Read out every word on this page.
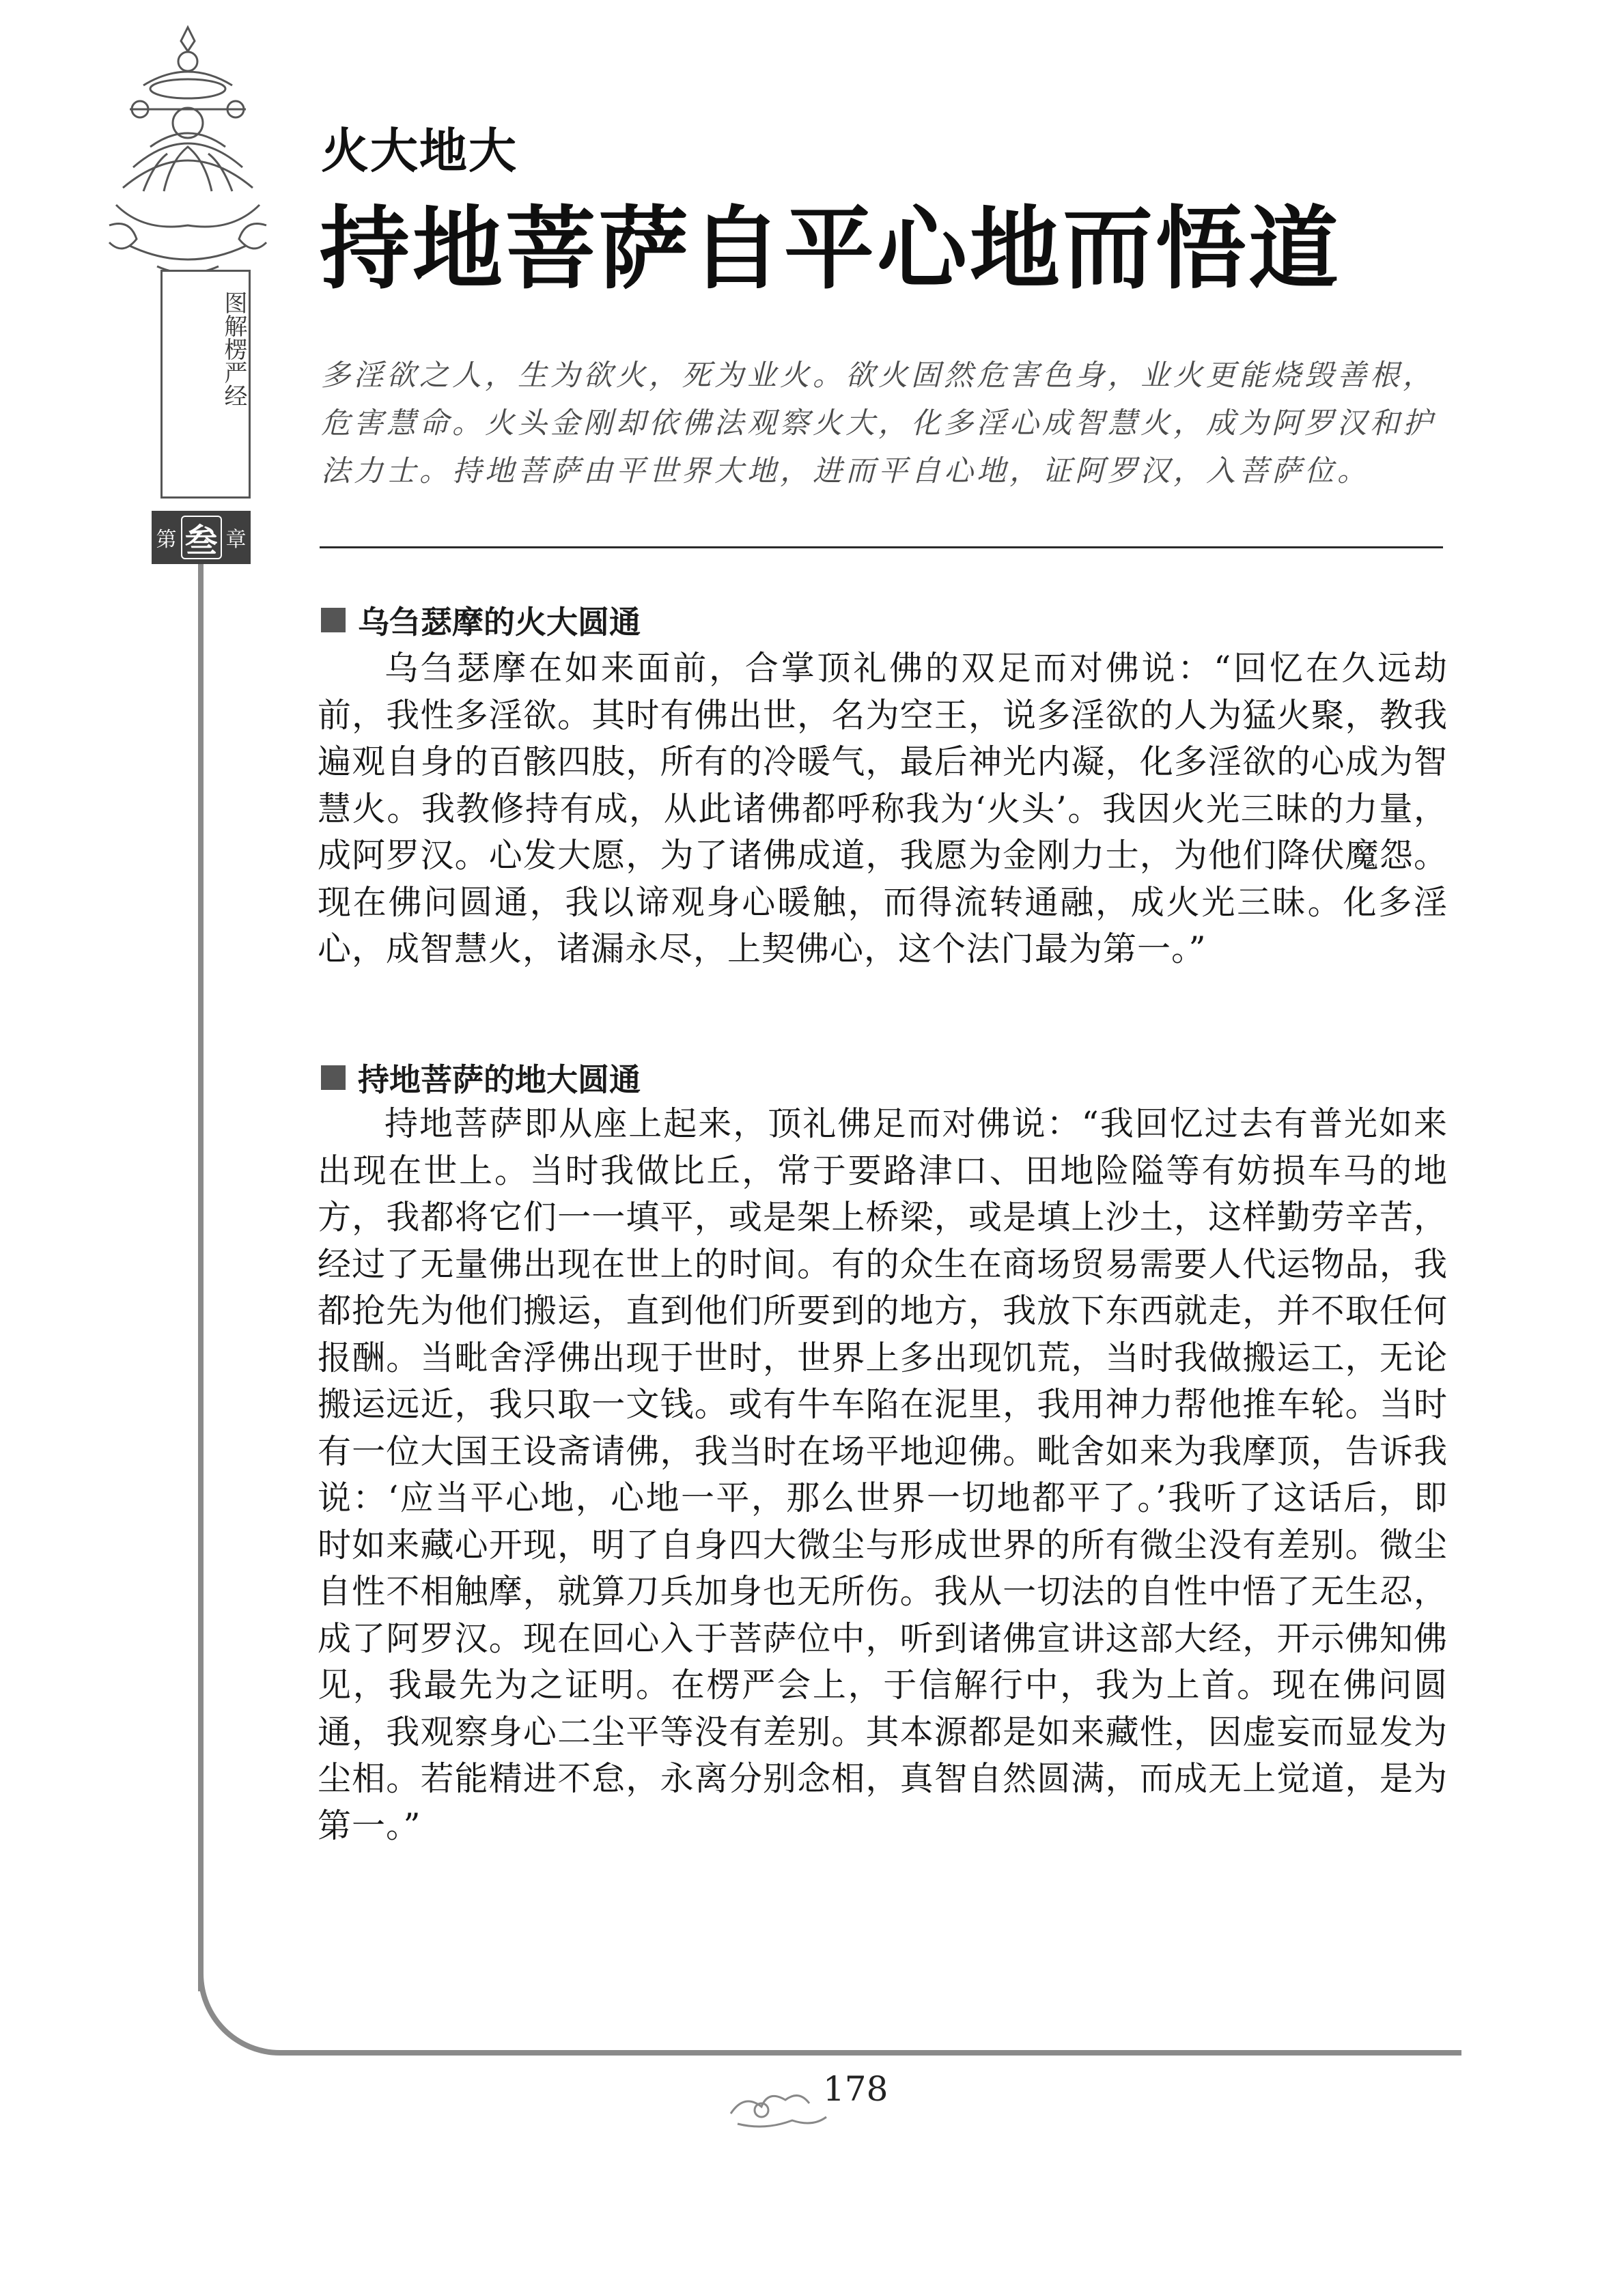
图解楞严经
第 叁 章
火大地大
持地菩萨自平心地而悟道
多淫欲之人，生为欲火，死为业火。欲火固然危害色身，业火更能烧毁善根，危害慧命。火头金刚却依佛法观察火大，化多淫心成智慧火，成为阿罗汉和护法力士。持地菩萨由平世界大地，进而平自心地，证阿罗汉，入菩萨位。
乌刍瑟摩的火大圆通

乌刍瑟摩在如来面前，合掌顶礼佛的双足而对佛说：“回忆在久远劫前，我性多淫欲。其时有佛出世，名为空王，说多淫欲的人为猛火聚，教我遍观自身的百骸四肢，所有的冷暖气，最后神光内凝，化多淫欲的心成为智慧火。我教修持有成，从此诸佛都呼称我为‘火头’。我因火光三昧的力量，成阿罗汉。心发大愿，为了诸佛成道，我愿为金刚力士，为他们降伏魔怨。现在佛问圆通，我以谛观身心暖触，而得流转通融，成火光三昧。化多淫心，成智慧火，诸漏永尽，上契佛心，这个法门最为第一。”

持地菩萨的地大圆通

持地菩萨即从座上起来，顶礼佛足而对佛说：“我回忆过去有普光如来出现在世上。当时我做比丘，常于要路津口、田地险隘等有妨损车马的地方，我都将它们一一填平，或是架上桥梁，或是填上沙土，这样勤劳辛苦，经过了无量佛出现在世上的时间。有的众生在商场贸易需要人代运物品，我都抢先为他们搬运，直到他们所要到的地方，我放下东西就走，并不取任何报酬。当毗舍浮佛出现于世时，世界上多出现饥荒，当时我做搬运工，无论搬运远近，我只取一文钱。或有牛车陷在泥里，我用神力帮他推车轮。当时有一位大国王设斋请佛，我当时在场平地迎佛。毗舍如来为我摩顶，告诉我说：‘应当平心地，心地一平，那么世界一切地都平了。’我听了这话后，即时如来藏心开现，明了自身四大微尘与形成世界的所有微尘没有差别。微尘自性不相触摩，就算刀兵加身也无所伤。我从一切法的自性中悟了无生忍，成了阿罗汉。现在回心入于菩萨位中，听到诸佛宣讲这部大经，开示佛知佛见，我最先为之证明。在楞严会上，于信解行中，我为上首。现在佛问圆通，我观察身心二尘平等没有差别。其本源都是如来藏性，因虚妄而显发为尘相。若能精进不怠，永离分别念相，真智自然圆满，而成无上觉道，是为第一。”

178
